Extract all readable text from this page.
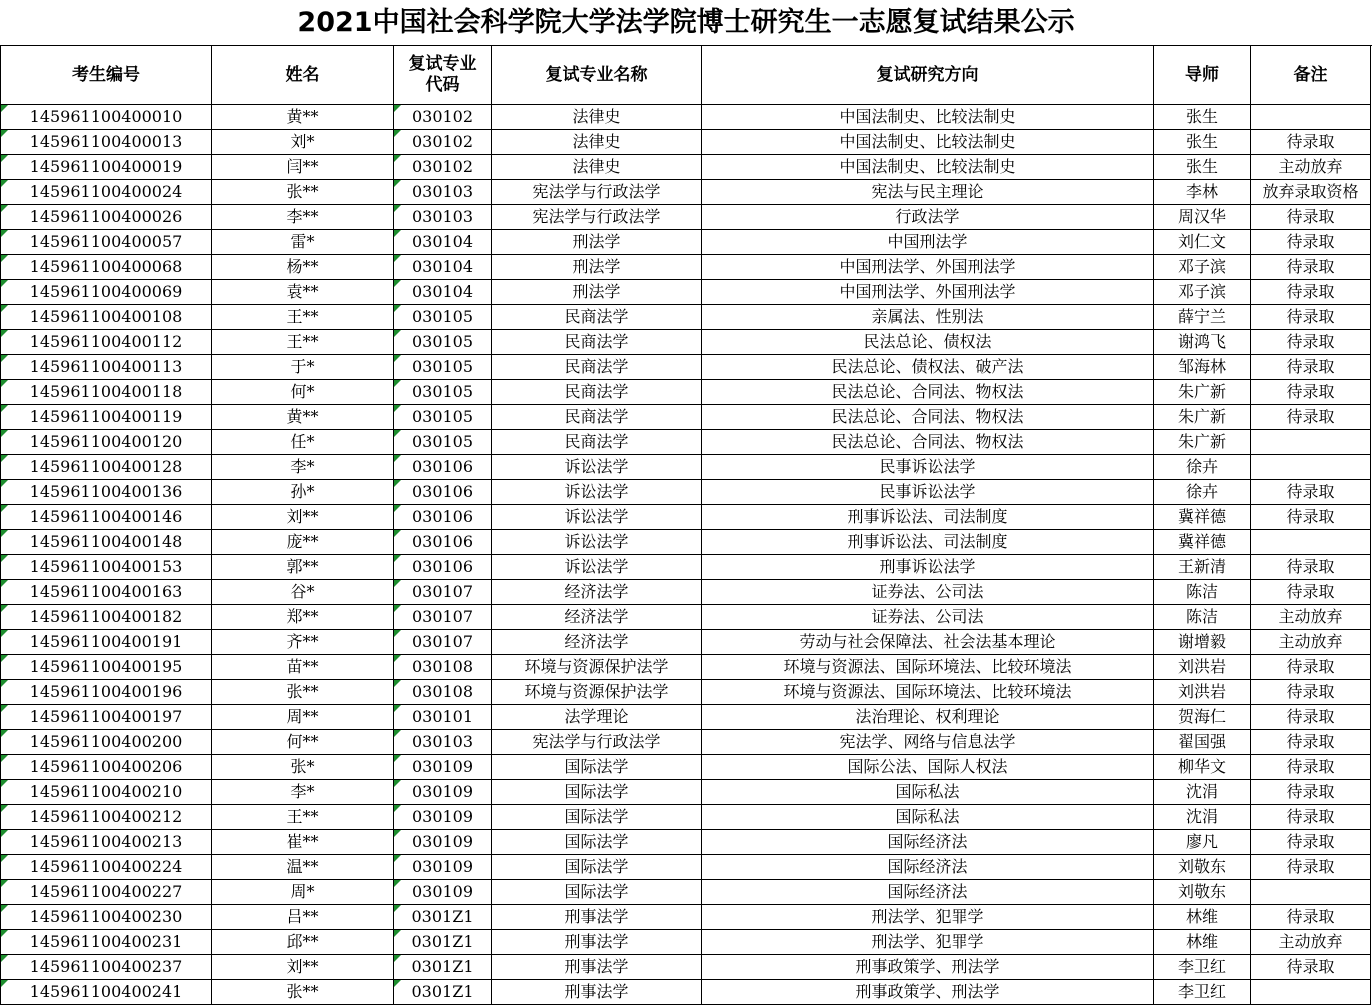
2021中国社会科学院大学法学院博士研究生一志愿复试结果公示
考生编号	姓名	复试专业代码	复试专业名称	复试研究方向	导师	备注
145961100400010	黄**	030102	法律史	中国法制史、比较法制史	张生	
145961100400013	刘*	030102	法律史	中国法制史、比较法制史	张生	待录取
145961100400019	闫**	030102	法律史	中国法制史、比较法制史	张生	主动放弃
145961100400024	张**	030103	宪法学与行政法学	宪法与民主理论	李林	放弃录取资格
145961100400026	李**	030103	宪法学与行政法学	行政法学	周汉华	待录取
145961100400057	雷*	030104	刑法学	中国刑法学	刘仁文	待录取
145961100400068	杨**	030104	刑法学	中国刑法学、外国刑法学	邓子滨	待录取
145961100400069	袁**	030104	刑法学	中国刑法学、外国刑法学	邓子滨	待录取
145961100400108	王**	030105	民商法学	亲属法、性别法	薛宁兰	待录取
145961100400112	王**	030105	民商法学	民法总论、债权法	谢鸿飞	待录取
145961100400113	于*	030105	民商法学	民法总论、债权法、破产法	邹海林	待录取
145961100400118	何*	030105	民商法学	民法总论、合同法、物权法	朱广新	待录取
145961100400119	黄**	030105	民商法学	民法总论、合同法、物权法	朱广新	待录取
145961100400120	任*	030105	民商法学	民法总论、合同法、物权法	朱广新	
145961100400128	李*	030106	诉讼法学	民事诉讼法学	徐卉	
145961100400136	孙*	030106	诉讼法学	民事诉讼法学	徐卉	待录取
145961100400146	刘**	030106	诉讼法学	刑事诉讼法、司法制度	冀祥德	待录取
145961100400148	庞**	030106	诉讼法学	刑事诉讼法、司法制度	冀祥德	
145961100400153	郭**	030106	诉讼法学	刑事诉讼法学	王新清	待录取
145961100400163	谷*	030107	经济法学	证券法、公司法	陈洁	待录取
145961100400182	郑**	030107	经济法学	证券法、公司法	陈洁	主动放弃
145961100400191	齐**	030107	经济法学	劳动与社会保障法、社会法基本理论	谢增毅	主动放弃
145961100400195	苗**	030108	环境与资源保护法学	环境与资源法、国际环境法、比较环境法	刘洪岩	待录取
145961100400196	张**	030108	环境与资源保护法学	环境与资源法、国际环境法、比较环境法	刘洪岩	待录取
145961100400197	周**	030101	法学理论	法治理论、权利理论	贺海仁	待录取
145961100400200	何**	030103	宪法学与行政法学	宪法学、网络与信息法学	翟国强	待录取
145961100400206	张*	030109	国际法学	国际公法、国际人权法	柳华文	待录取
145961100400210	李*	030109	国际法学	国际私法	沈涓	待录取
145961100400212	王**	030109	国际法学	国际私法	沈涓	待录取
145961100400213	崔**	030109	国际法学	国际经济法	廖凡	待录取
145961100400224	温**	030109	国际法学	国际经济法	刘敬东	待录取
145961100400227	周*	030109	国际法学	国际经济法	刘敬东	
145961100400230	吕**	0301Z1	刑事法学	刑法学、犯罪学	林维	待录取
145961100400231	邱**	0301Z1	刑事法学	刑法学、犯罪学	林维	主动放弃
145961100400237	刘**	0301Z1	刑事法学	刑事政策学、刑法学	李卫红	待录取
145961100400241	张**	0301Z1	刑事法学	刑事政策学、刑法学	李卫红	
